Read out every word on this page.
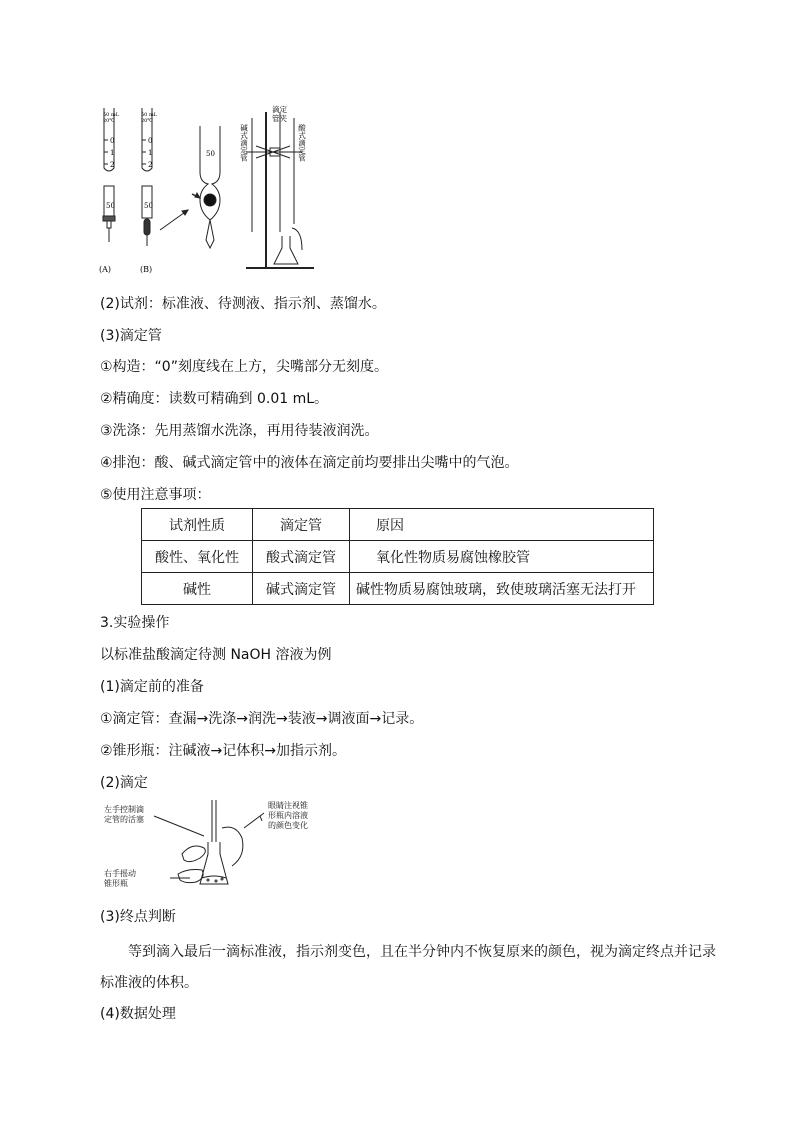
50 mL
20℃
50 mL
20℃
0
1
2
0
1
2
50	50
50
(A)	(B)
滴定
管夹
碱式滴定管	酸式滴定管
(2)试剂：标准液、待测液、指示剂、蒸馏水。
(3)滴定管
①构造：“0”刻度线在上方，尖嘴部分无刻度。
②精确度：读数可精确到 0.01 mL。
③洗涤：先用蒸馏水洗涤，再用待装液润洗。
④排泡：酸、碱式滴定管中的液体在滴定前均要排出尖嘴中的气泡。
⑤使用注意事项：
试剂性质	滴定管	原因
酸性、氧化性	酸式滴定管	氧化性物质易腐蚀橡胶管
碱性	碱式滴定管	碱性物质易腐蚀玻璃，致使玻璃活塞无法打开
3.实验操作
以标准盐酸滴定待测 NaOH 溶液为例
(1)滴定前的准备
①滴定管：查漏→洗涤→润洗→装液→调液面→记录。
②锥形瓶：注碱液→记体积→加指示剂。
(2)滴定
左手控制滴定管的活塞
右手摇动锥形瓶
眼睛注视锥形瓶内溶液的颜色变化
(3)终点判断
等到滴入最后一滴标准液，指示剂变色，且在半分钟内不恢复原来的颜色，视为滴定终点并记录标准液的体积。
(4)数据处理
